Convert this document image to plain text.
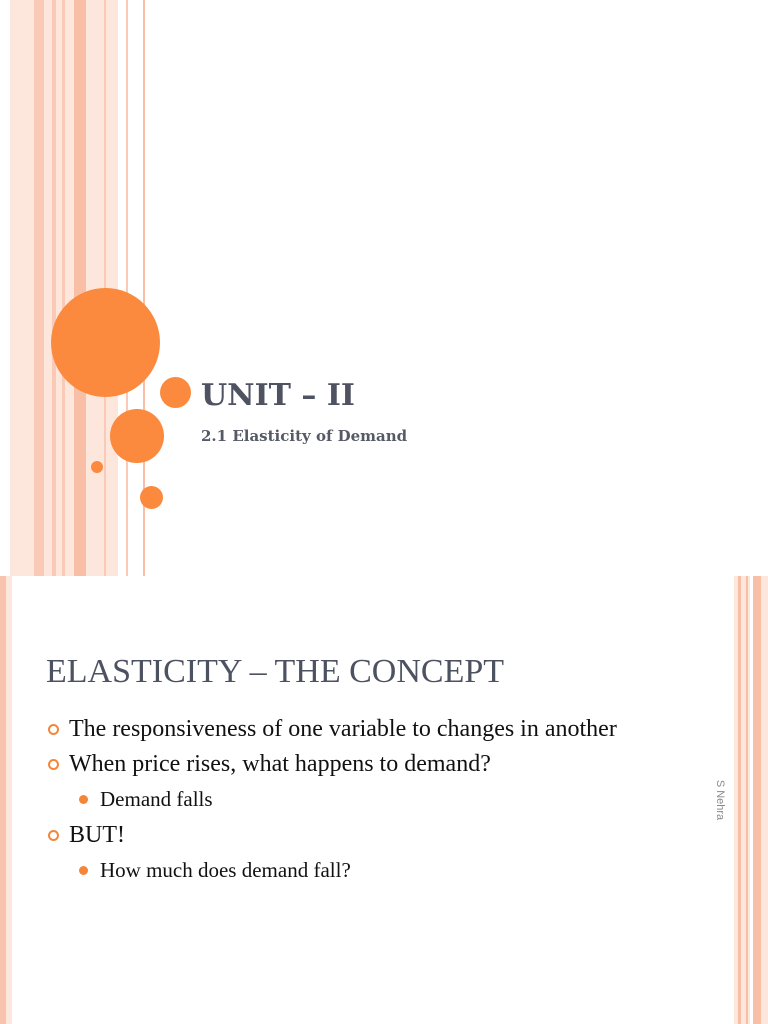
UNIT – II
2.1 Elasticity of Demand
ELASTICITY – THE CONCEPT
The responsiveness of one variable to changes in another
When price rises, what happens to demand?
Demand falls
BUT!
How much does demand fall?
S Nehra
